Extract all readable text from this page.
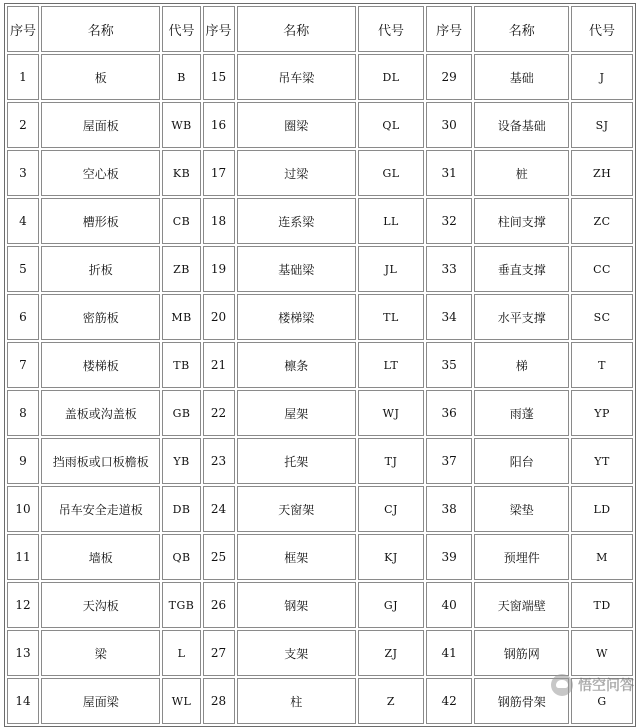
序号	名称	代号	序号	名称	代号	序号	名称	代号
1	板	B	15	吊车梁	DL	29	基础	J
2	屋面板	WB	16	圈梁	QL	30	设备基础	SJ
3	空心板	KB	17	过梁	GL	31	桩	ZH
4	槽形板	CB	18	连系梁	LL	32	柱间支撑	ZC
5	折板	ZB	19	基础梁	JL	33	垂直支撑	CC
6	密筋板	MB	20	楼梯梁	TL	34	水平支撑	SC
7	楼梯板	TB	21	檩条	LT	35	梯	T
8	盖板或沟盖板	GB	22	屋架	WJ	36	雨蓬	YP
9	挡雨板或口板檐板	YB	23	托架	TJ	37	阳台	YT
10	吊车安全走道板	DB	24	天窗架	CJ	38	梁垫	LD
11	墙板	QB	25	框架	KJ	39	预埋件	M
12	天沟板	TGB	26	钢架	GJ	40	天窗端壁	TD
13	梁	L	27	支架	ZJ	41	钢筋网	W
14	屋面梁	WL	28	柱	Z	42	钢筋骨架	G
悟空问答
